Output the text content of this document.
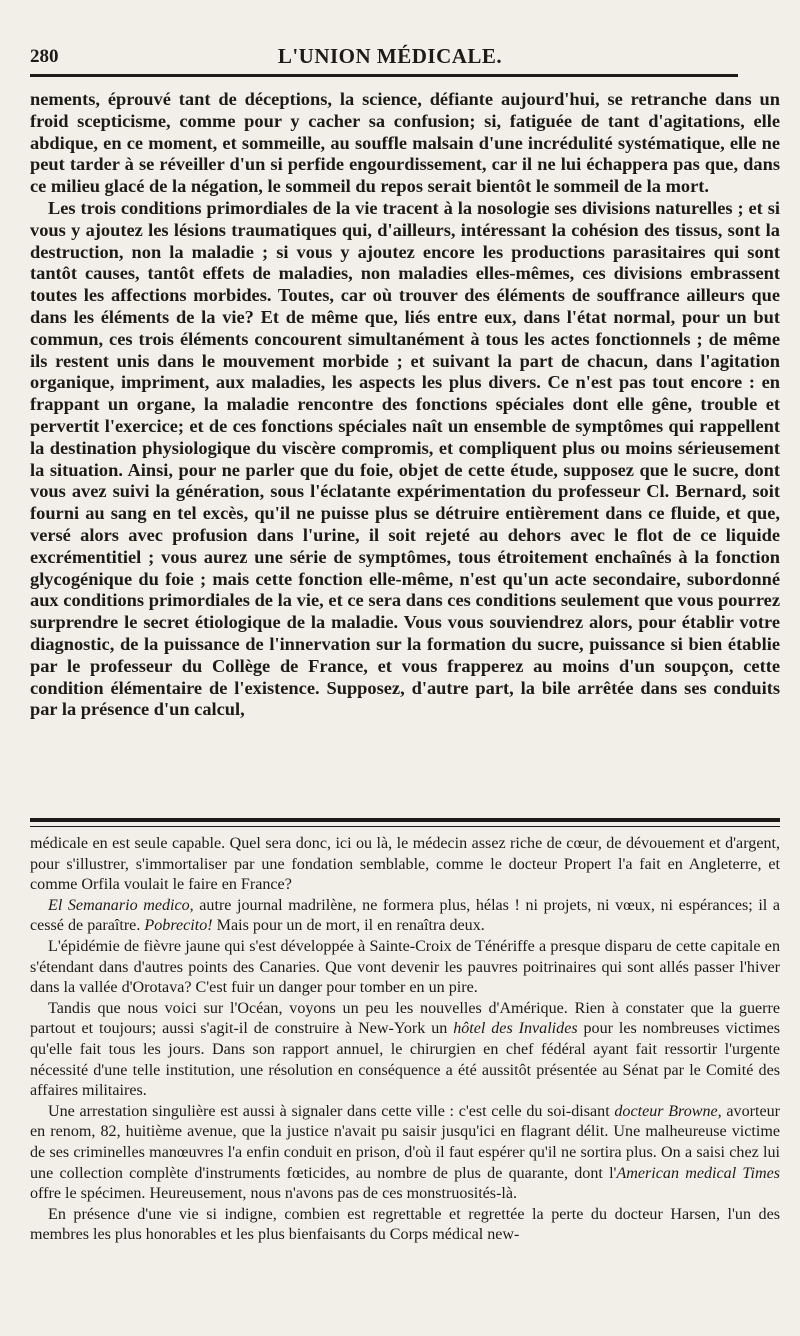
280	L'UNION MÉDICALE.

nements, éprouvé tant de déceptions, la science, défiante aujourd'hui, se retranche dans un froid scepticisme, comme pour y cacher sa confusion; si, fatiguée de tant d'agitations, elle abdique, en ce moment, et sommeille, au souffle malsain d'une incrédulité systématique, elle ne peut tarder à se réveiller d'un si perfide engourdissement, car il ne lui échappera pas que, dans ce milieu glacé de la négation, le sommeil du repos serait bientôt le sommeil de la mort.

Les trois conditions primordiales de la vie tracent à la nosologie ses divisions naturelles ; et si vous y ajoutez les lésions traumatiques qui, d'ailleurs, intéressant la cohésion des tissus, sont la destruction, non la maladie ; si vous y ajoutez encore les productions parasitaires qui sont tantôt causes, tantôt effets de maladies, non maladies elles-mêmes, ces divisions embrassent toutes les affections morbides. Toutes, car où trouver des éléments de souffrance ailleurs que dans les éléments de la vie? Et de même que, liés entre eux, dans l'état normal, pour un but commun, ces trois éléments concourent simultanément à tous les actes fonctionnels ; de même ils restent unis dans le mouvement morbide ; et suivant la part de chacun, dans l'agitation organique, impriment, aux maladies, les aspects les plus divers. Ce n'est pas tout encore : en frappant un organe, la maladie rencontre des fonctions spéciales dont elle gêne, trouble et pervertit l'exercice; et de ces fonctions spéciales naît un ensemble de symptômes qui rappellent la destination physiologique du viscère compromis, et compliquent plus ou moins sérieusement la situation. Ainsi, pour ne parler que du foie, objet de cette étude, supposez que le sucre, dont vous avez suivi la génération, sous l'éclatante expérimentation du professeur Cl. Bernard, soit fourni au sang en tel excès, qu'il ne puisse plus se détruire entièrement dans ce fluide, et que, versé alors avec profusion dans l'urine, il soit rejeté au dehors avec le flot de ce liquide excrémentitiel ; vous aurez une série de symptômes, tous étroitement enchaînés à la fonction glycogénique du foie ; mais cette fonction elle-même, n'est qu'un acte secondaire, subordonné aux conditions primordiales de la vie, et ce sera dans ces conditions seulement que vous pourrez surprendre le secret étiologique de la maladie. Vous vous souviendrez alors, pour établir votre diagnostic, de la puissance de l'innervation sur la formation du sucre, puissance si bien établie par le professeur du Collège de France, et vous frapperez au moins d'un soupçon, cette condition élémentaire de l'existence. Supposez, d'autre part, la bile arrêtée dans ses conduits par la présence d'un calcul,

médicale en est seule capable. Quel sera donc, ici ou là, le médecin assez riche de cœur, de dévouement et d'argent, pour s'illustrer, s'immortaliser par une fondation semblable, comme le docteur Propert l'a fait en Angleterre, et comme Orfila voulait le faire en France?

El Semanario medico, autre journal madrilène, ne formera plus, hélas ! ni projets, ni vœux, ni espérances; il a cessé de paraître. Pobrecito! Mais pour un de mort, il en renaîtra deux.

L'épidémie de fièvre jaune qui s'est développée à Sainte-Croix de Ténériffe a presque disparu de cette capitale en s'étendant dans d'autres points des Canaries. Que vont devenir les pauvres poitrinaires qui sont allés passer l'hiver dans la vallée d'Orotava? C'est fuir un danger pour tomber en un pire.

Tandis que nous voici sur l'Océan, voyons un peu les nouvelles d'Amérique. Rien à constater que la guerre partout et toujours; aussi s'agit-il de construire à New-York un hôtel des Invalides pour les nombreuses victimes qu'elle fait tous les jours. Dans son rapport annuel, le chirurgien en chef fédéral ayant fait ressortir l'urgente nécessité d'une telle institution, une résolution en conséquence a été aussitôt présentée au Sénat par le Comité des affaires militaires.

Une arrestation singulière est aussi à signaler dans cette ville : c'est celle du soi-disant docteur Browne, avorteur en renom, 82, huitième avenue, que la justice n'avait pu saisir jusqu'ici en flagrant délit. Une malheureuse victime de ses criminelles manœuvres l'a enfin conduit en prison, d'où il faut espérer qu'il ne sortira plus. On a saisi chez lui une collection complète d'instruments fœticides, au nombre de plus de quarante, dont l'American medical Times offre le spécimen. Heureusement, nous n'avons pas de ces monstruosités-là.

En présence d'une vie si indigne, combien est regrettable et regrettée la perte du docteur Harsen, l'un des membres les plus honorables et les plus bienfaisants du Corps médical new-
